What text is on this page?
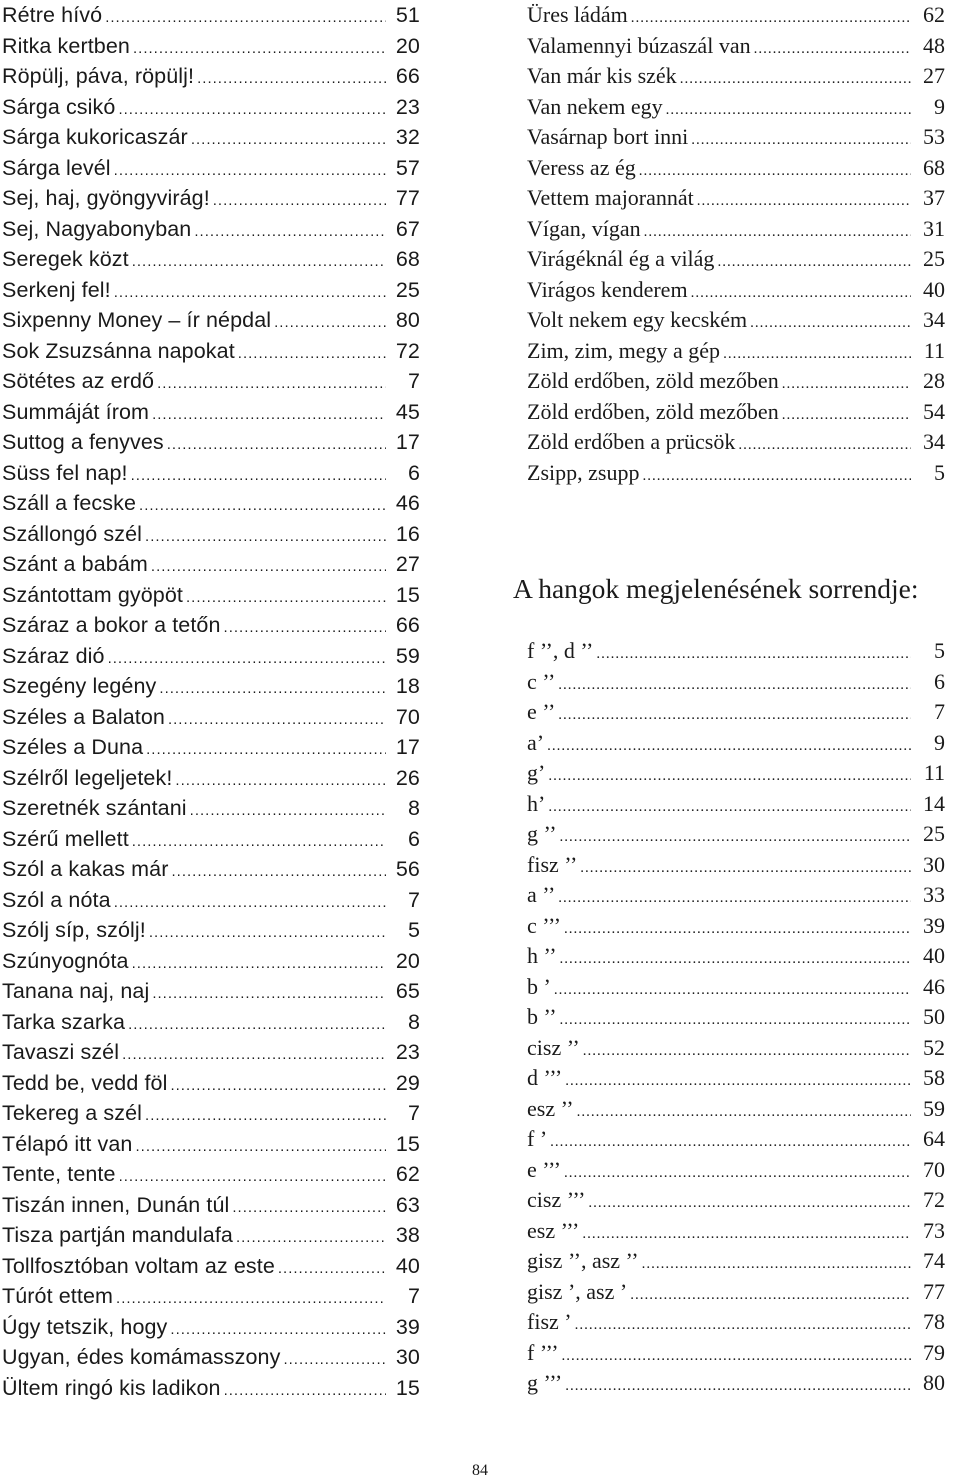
Rétre hívó .....	51
Ritka kertben .....	20
Röpülj, páva, röpülj! .....	66
Sárga csikó .....	23
Sárga kukoricaszár .....	32
Sárga levél .....	57
Sej, haj, gyöngyvirág! .....	77
Sej, Nagyabonyban .....	67
Seregek közt .....	68
Serkenj fel! .....	25
Sixpenny Money – ír népdal .....	80
Sok Zsuzsánna napokat .....	72
Sötétes az erdő .....	7
Summáját írom .....	45
Suttog a fenyves .....	17
Süss fel nap! .....	6
Száll a fecske .....	46
Szállongó szél .....	16
Szánt a babám .....	27
Szántottam gyöpöt .....	15
Száraz a bokor a tetőn .....	66
Száraz dió .....	59
Szegény legény .....	18
Széles a Balaton .....	70
Széles a Duna .....	17
Szélről legeljetek! .....	26
Szeretnék szántani .....	8
Szérű mellett .....	6
Szól a kakas már .....	56
Szól a nóta .....	7
Szólj síp, szólj! .....	5
Szúnyognóta .....	20
Tanana naj, naj .....	65
Tarka szarka .....	8
Tavaszi szél .....	23
Tedd be, vedd föl .....	29
Tekereg a szél .....	7
Télapó itt van .....	15
Tente, tente .....	62
Tiszán innen, Dunán túl .....	63
Tisza partján mandulafa .....	38
Tollfosztóban voltam az este .....	40
Túrót ettem .....	7
Úgy tetszik, hogy .....	39
Ugyan, édes komámasszony .....	30
Ültem ringó kis ladikon .....	15
Üres ládám .....	62
Valamennyi búzaszál van .....	48
Van már kis szék .....	27
Van nekem egy .....	9
Vasárnap bort inni .....	53
Veress az ég .....	68
Vettem majorannát .....	37
Vígan, vígan .....	31
Virágéknál ég a világ .....	25
Virágos kenderem .....	40
Volt nekem egy kecském .....	34
Zim, zim, megy a gép .....	11
Zöld erdőben, zöld mezőben .....	28
Zöld erdőben, zöld mezőben .....	54
Zöld erdőben a prücsök .....	34
Zsipp, zsupp .....	5
A hangok megjelenésének sorrendje:
f ’’, d ’’ .....	5
c ’’ .....	6
e ’’ .....	7
a’ .....	9
g’ .....	11
h’ .....	14
g ’’ .....	25
fisz ’’ .....	30
a ’’ .....	33
c ’’’ .....	39
h ’’ .....	40
b ’ .....	46
b ’’ .....	50
cisz ’’ .....	52
d ’’’ .....	58
esz ’’ .....	59
f ’ .....	64
e ’’’ .....	70
cisz ’’’ .....	72
esz ’’’ .....	73
gisz ’’, asz ’’ .....	74
gisz ’, asz ’ .....	77
fisz ’ .....	78
f ’’’ .....	79
g ’’’ .....	80
84
